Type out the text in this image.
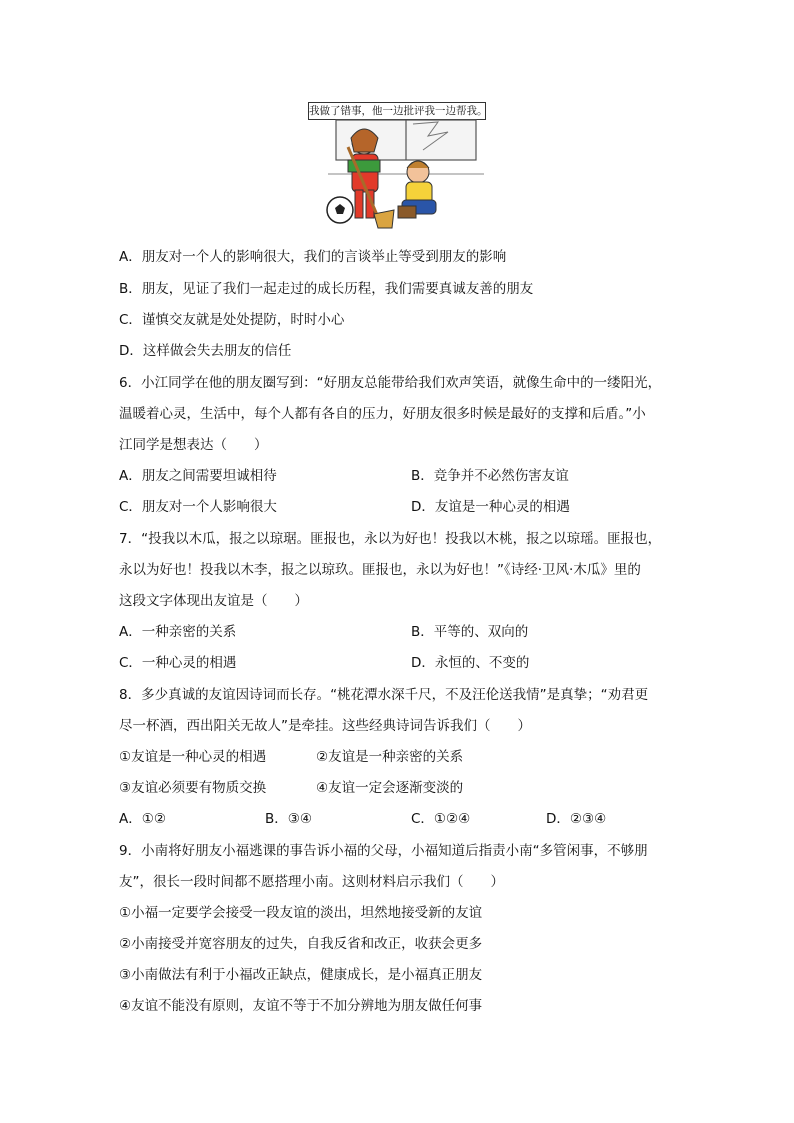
我做了错事，他一边批评我一边帮我。
A．朋友对一个人的影响很大，我们的言谈举止等受到朋友的影响
B．朋友，见证了我们一起走过的成长历程，我们需要真诚友善的朋友
C．谨慎交友就是处处提防，时时小心
D．这样做会失去朋友的信任
6．小江同学在他的朋友圈写到：“好朋友总能带给我们欢声笑语，就像生命中的一缕阳光，
温暖着心灵，生活中，每个人都有各自的压力，好朋友很多时候是最好的支撑和后盾。”小
江同学是想表达（　　）
A．朋友之间需要坦诚相待	B．竞争并不必然伤害友谊
C．朋友对一个人影响很大	D．友谊是一种心灵的相遇
7．“投我以木瓜，报之以琼琚。匪报也，永以为好也！投我以木桃，报之以琼瑶。匪报也，
永以为好也！投我以木李，报之以琼玖。匪报也，永以为好也！”《诗经·卫风·木瓜》里的
这段文字体现出友谊是（　　）
A．一种亲密的关系	B．平等的、双向的
C．一种心灵的相遇	D．永恒的、不变的
8．多少真诚的友谊因诗词而长存。“桃花潭水深千尺，不及汪伦送我情”是真挚；“劝君更
尽一杯酒，西出阳关无故人”是牵挂。这些经典诗词告诉我们（　　）
①友谊是一种心灵的相遇	②友谊是一种亲密的关系
③友谊必须要有物质交换	④友谊一定会逐渐变淡的
A．①②	B．③④	C．①②④	D．②③④
9．小南将好朋友小福逃课的事告诉小福的父母，小福知道后指责小南“多管闲事，不够朋
友”，很长一段时间都不愿搭理小南。这则材料启示我们（　　）
①小福一定要学会接受一段友谊的淡出，坦然地接受新的友谊
②小南接受并宽容朋友的过失，自我反省和改正，收获会更多
③小南做法有利于小福改正缺点，健康成长，是小福真正朋友
④友谊不能没有原则，友谊不等于不加分辨地为朋友做任何事
